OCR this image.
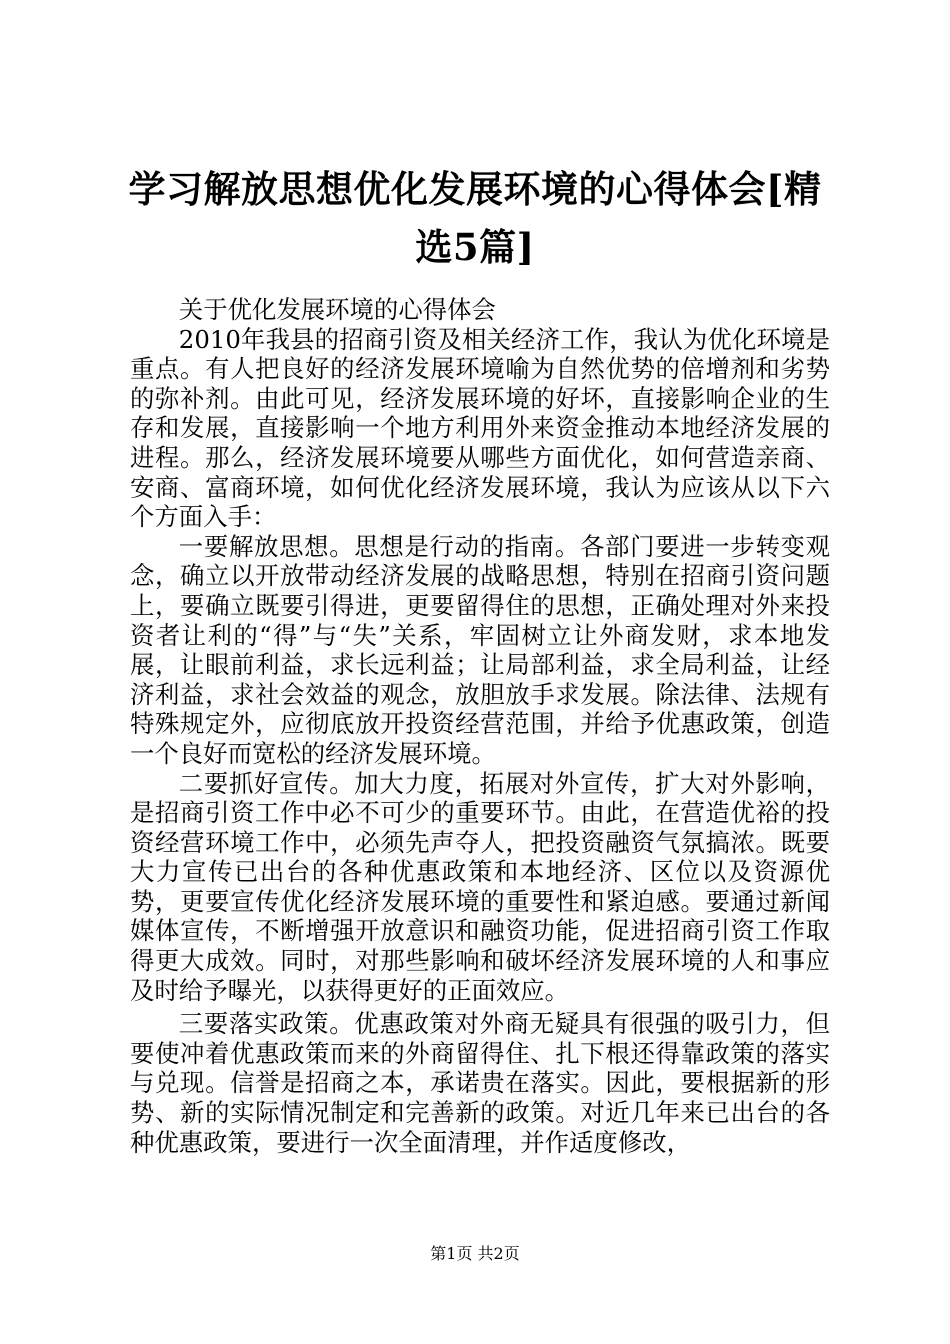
学习解放思想优化发展环境的心得体会[精选5篇]

关于优化发展环境的心得体会

2010年我县的招商引资及相关经济工作，我认为优化环境是重点。有人把良好的经济发展环境喻为自然优势的倍增剂和劣势的弥补剂。由此可见，经济发展环境的好坏，直接影响企业的生存和发展，直接影响一个地方利用外来资金推动本地经济发展的进程。那么，经济发展环境要从哪些方面优化，如何营造亲商、安商、富商环境，如何优化经济发展环境，我认为应该从以下六个方面入手：

一要解放思想。思想是行动的指南。各部门要进一步转变观念，确立以开放带动经济发展的战略思想，特别在招商引资问题上，要确立既要引得进，更要留得住的思想，正确处理对外来投资者让利的“得”与“失”关系，牢固树立让外商发财，求本地发展，让眼前利益，求长远利益；让局部利益，求全局利益，让经济利益，求社会效益的观念，放胆放手求发展。除法律、法规有特殊规定外，应彻底放开投资经营范围，并给予优惠政策，创造一个良好而宽松的经济发展环境。

二要抓好宣传。加大力度，拓展对外宣传，扩大对外影响，是招商引资工作中必不可少的重要环节。由此，在营造优裕的投资经营环境工作中，必须先声夺人，把投资融资气氛搞浓。既要大力宣传已出台的各种优惠政策和本地经济、区位以及资源优势，更要宣传优化经济发展环境的重要性和紧迫感。要通过新闻媒体宣传，不断增强开放意识和融资功能，促进招商引资工作取得更大成效。同时，对那些影响和破坏经济发展环境的人和事应及时给予曝光，以获得更好的正面效应。

三要落实政策。优惠政策对外商无疑具有很强的吸引力，但要使冲着优惠政策而来的外商留得住、扎下根还得靠政策的落实与兑现。信誉是招商之本，承诺贵在落实。因此，要根据新的形势、新的实际情况制定和完善新的政策。对近几年来已出台的各种优惠政策，要进行一次全面清理，并作适度修改，

第1页 共2页
